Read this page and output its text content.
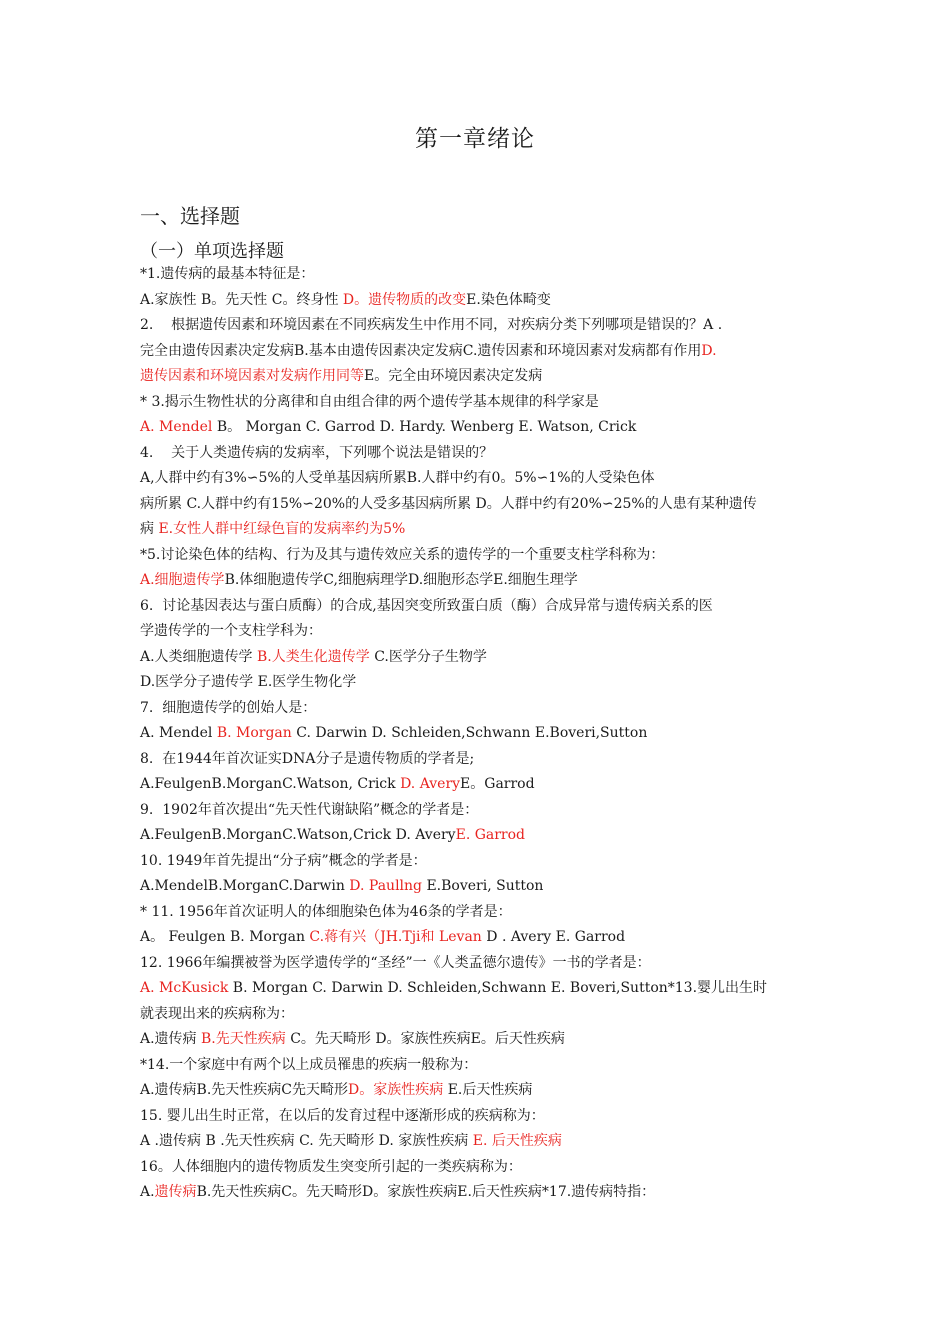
第一章绪论
一、选择题
（一）单项选择题
*1.遗传病的最基本特征是：
A.家族性 B。先天性 C。终身性 D。遗传物质的改变E.染色体畸变
2.    根据遗传因素和环境因素在不同疾病发生中作用不同，对疾病分类下列哪项是错误的？A .
完全由遗传因素决定发病B.基本由遗传因素决定发病C.遗传因素和环境因素对发病都有作用D.
遗传因素和环境因素对发病作用同等E。完全由环境因素决定发病
* 3.揭示生物性状的分离律和自由组合律的两个遗传学基本规律的科学家是
A. Mendel B。 Morgan C. Garrod D. Hardy. Wenberg E. Watson, Crick
4.    关于人类遗传病的发病率，下列哪个说法是错误的？
A,人群中约有3%∽5%的人受单基因病所累B.人群中约有0。5%∽1%的人受染色体
病所累 C.人群中约有15%∽20%的人受多基因病所累 D。人群中约有20%∽25%的人患有某种遗传
病 E.女性人群中红绿色盲的发病率约为5%
*5.讨论染色体的结构、行为及其与遗传效应关系的遗传学的一个重要支柱学科称为：
A.细胞遗传学B.体细胞遗传学C,细胞病理学D.细胞形态学E.细胞生理学
6.  讨论基因表达与蛋白质酶）的合成,基因突变所致蛋白质（酶）合成异常与遗传病关系的医
学遗传学的一个支柱学科为：
A.人类细胞遗传学 B.人类生化遗传学 C.医学分子生物学
D.医学分子遗传学 E.医学生物化学
7.  细胞遗传学的创始人是：
A. Mendel B. Morgan C. Darwin D. Schleiden,Schwann E.Boveri,Sutton
8.  在1944年首次证实DNA分子是遗传物质的学者是;
A.FeulgenB.MorganC.Watson, Crick D. AveryE。Garrod
9.  1902年首次提出“先天性代谢缺陷”概念的学者是：
A.FeulgenB.MorganC.Watson,Crick D. AveryE. Garrod
10. 1949年首先提出“分子病”概念的学者是：
A.MendelB.MorganC.Darwin D. Paullng E.Boveri, Sutton
* 11. 1956年首次证明人的体细胞染色体为46条的学者是：
A。 Feulgen B. Morgan C.蒋有兴（JH.Tji和 Levan D . Avery E. Garrod
12. 1966年编撰被誉为医学遗传学的“圣经”一《人类孟德尔遗传》一书的学者是：
A. McKusick B. Morgan C. Darwin D. Schleiden,Schwann E. Boveri,Sutton*13.婴儿出生时
就表现出来的疾病称为：
A.遗传病 B.先天性疾病 C。先天畸形 D。家族性疾病E。后天性疾病
*14.一个家庭中有两个以上成员罹患的疾病一般称为：
A.遗传病B.先天性疾病C先天畸形D。家族性疾病 E.后天性疾病
15. 婴儿出生时正常，在以后的发育过程中逐渐形成的疾病称为：
A .遗传病 B .先天性疾病 C. 先天畸形 D. 家族性疾病 E. 后天性疾病
16。人体细胞内的遗传物质发生突变所引起的一类疾病称为：
A.遗传病B.先天性疾病C。先天畸形D。家族性疾病E.后天性疾病*17.遗传病特指：
